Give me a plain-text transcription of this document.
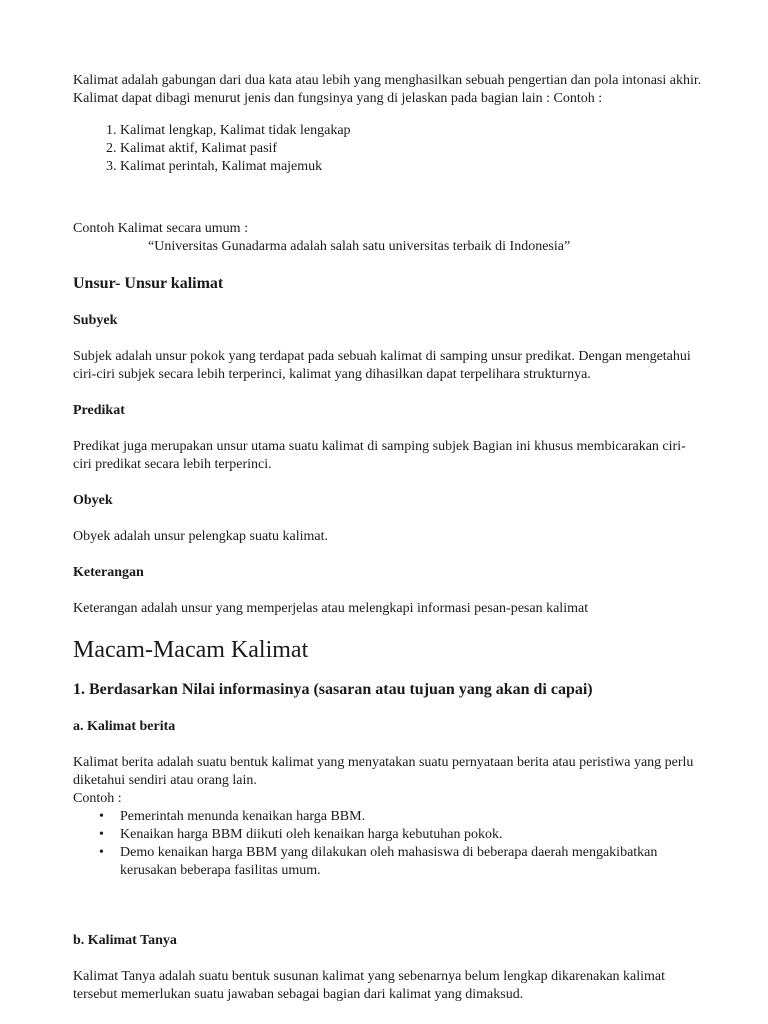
Kalimat adalah gabungan dari dua kata atau lebih yang menghasilkan sebuah pengertian dan pola intonasi akhir. Kalimat dapat dibagi menurut jenis dan fungsinya yang di jelaskan pada bagian lain : Contoh :

1. Kalimat lengkap, Kalimat tidak lengakap
2. Kalimat aktif, Kalimat pasif
3. Kalimat perintah, Kalimat majemuk

Contoh Kalimat secara umum :

“Universitas Gunadarma adalah salah satu universitas terbaik di Indonesia”

Unsur- Unsur kalimat
Subyek

Subjek adalah unsur pokok yang terdapat pada sebuah kalimat di samping unsur predikat. Dengan mengetahui ciri-ciri subjek secara lebih terperinci, kalimat yang dihasilkan dapat terpelihara strukturnya.

Predikat

Predikat juga merupakan unsur utama suatu kalimat di samping subjek Bagian ini khusus membicarakan ciri-ciri predikat secara lebih terperinci.

Obyek

Obyek adalah unsur pelengkap suatu kalimat.

Keterangan

Keterangan adalah unsur yang memperjelas atau melengkapi informasi pesan-pesan kalimat

Macam-Macam Kalimat
1. Berdasarkan Nilai informasinya (sasaran atau tujuan yang akan di capai)
a. Kalimat berita

Kalimat berita adalah suatu bentuk kalimat yang menyatakan suatu pernyataan berita atau peristiwa yang perlu diketahui sendiri atau orang lain.

Contoh :

• Pemerintah menunda kenaikan harga BBM.
• Kenaikan harga BBM diikuti oleh kenaikan harga kebutuhan pokok.
• Demo kenaikan harga BBM yang dilakukan oleh mahasiswa di beberapa daerah mengakibatkan kerusakan beberapa fasilitas umum.
b. Kalimat Tanya

Kalimat Tanya adalah suatu bentuk susunan kalimat yang sebenarnya belum lengkap dikarenakan kalimat tersebut memerlukan suatu jawaban sebagai bagian dari kalimat yang dimaksud.
